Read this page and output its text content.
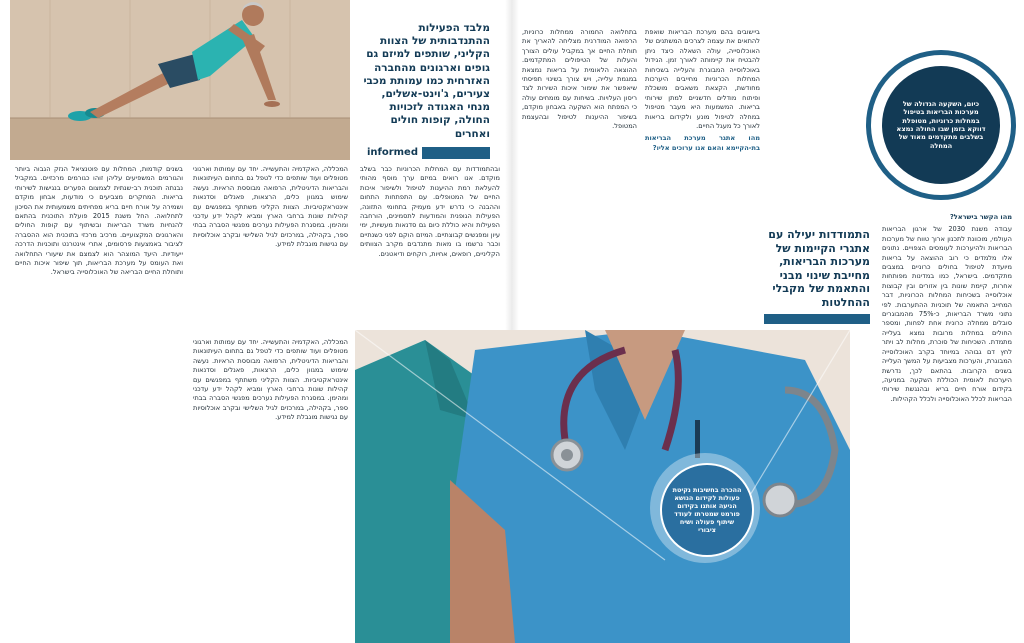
מלבד הפעילות ההתנדבותית של הצוות הקליני, שותפים למיזם גם גופים וארגונים מהחברה האזרחית כמו עמותת מכבי צעירים, ג'וינט-אשלים, מנחי האגודה לזכויות החולה, קופות חולים ואחרים
informed

המכללה, האקדמיה והתעשייה. יחד עם עמותות וארגוני מטופלים ועוד שותפים כדי לטפל גם בתחום העיתונאות והבריאות הדיגיטלית, הרפואה מבוססת הראיות. נעשה שימוש במגוון כלים, הרצאות, פאנלים וסדנאות אינטראקטיביות. הצוות הקליני משתתף במפגשים עם קהילות שונות ברחבי הארץ ומביא לקהל ידע עדכני ומהימן. במסגרת הפעילות נערכים מפגשי הסברה בבתי ספר, בקהילה, במרכזים לגיל השלישי ובקרב אוכלוסיות עם נגישות מוגבלת למידע.

ובהתמודדות עם המחלות הכרוניות כבר בשלב מוקדם. אנו רואים במיזם ערך מוסף מהותי להעלאת רמת ההיענות לטיפול ולשיפור איכות החיים של המטופלים. עם התפתחות התחום וההבנה כי נדרש ידע מעמיק בתחומי התזונה, הפעילות הגופנית והמודעות לתסמינים, הורחבה הפעילות והיא כוללת כיום גם סדנאות מעשיות, ימי עיון ומפגשים קבוצתיים. המיזם הוקם לפני כשנתיים וכבר נרשמו בו מאות מתנדבים מקרב הצוותים הקליניים, רופאים, אחיות, רוקחים ודיאטנים.

בשנים קודמות, המחלות עם פוטנציאל הנזק הגבוה ביותר והגורמים המשפיעים עליהן זוהו כגורמים מרכזיים. במקביל נבנתה תוכנית רב-שנתית לצמצום הפערים בנגישות לשירותי בריאות. המחקרים מצביעים כי מודעות, אבחון מוקדם ושמירה על אורח חיים בריא מפחיתים משמעותית את הסיכון לתחלואה. החל משנת 2015 פועלת התוכנית בהתאם להנחיות משרד הבריאות ובשיתוף עם קופות החולים והארגונים המקצועיים. מרכיב מרכזי בתוכנית הוא ההסברה לציבור באמצעות פרסומים, אתרי אינטרנט ותוכניות הדרכה ייעודיות. היעד המוצהר הוא לצמצם את שיעורי התחלואה ואת העומס על מערכת הבריאות, תוך שיפור איכות החיים ותוחלת החיים הבריאה של האוכלוסייה בישראל.

המכללה, האקדמיה והתעשייה. יחד עם עמותות וארגוני מטופלים ועוד שותפים כדי לטפל גם בתחום העיתונאות והבריאות הדיגיטלית, הרפואה מבוססת הראיות. נעשה שימוש במגוון כלים, הרצאות, פאנלים וסדנאות אינטראקטיביות. הצוות הקליני משתתף במפגשים עם קהילות שונות ברחבי הארץ ומביא לקהל ידע עדכני ומהימן. במסגרת הפעילות נערכים מפגשי הסברה בבתי ספר, בקהילה, במרכזים לגיל השלישי ובקרב אוכלוסיות עם נגישות מוגבלת למידע.

ההכרה בחשיבות נקיטת פעולות לקידום הנושא הניעה אותנו בקידום פורמט שמטרתו לעודד שיתוף פעולה ושיח ציבורי
התמודדות יעילה עם אתגרי הקיימות של מערכות הבריאות, מחייבת שינוי מבני והתאמת של מקבלי ההחלטות

בתחלואה החמורה ממחלות כרוניות, הרפואה המודרנית מצליחה להאריך את תוחלת החיים אך במקביל עולים הצורך והעלות של הטיפולים המתקדמים. ההוצאה הלאומית על בריאות נמצאת במגמת עלייה, ויש צורך בשינוי תפיסתי שיאפשר את שימור איכות השירות לצד ריסון העלויות. בשיחות עם מומחים עולה כי המפתח הוא השקעה באבחון מוקדם, בשיפור ההיענות לטיפול ובהעצמת המטופל.

ביישובים בהם מערכת הבריאות שואפת להתאים את עצמה לצרכים המשתנים של האוכלוסייה, עולה השאלה כיצד ניתן להבטיח את קיימותה לאורך זמן. הגידול באוכלוסייה המבוגרת והעלייה בשכיחות המחלות הכרוניות מחייבים היערכות מחודשת, הקצאת משאבים מושכלת ופיתוח מודלים חדשניים למתן שירותי בריאות. המשמעות היא מעבר מטיפול במחלה לטיפול מונע ולקידום בריאות לאורך כל מעגל החיים.

מהו אתגר מערכת הבריאות בת-הקיימא והאם אנו ערוכים אליו?

מהו הקשר בישראל?

עבודה משנת 2030 של ארגון הבריאות העולמי, מוכוונת לתכנון ארוך טווח של מערכות הבריאות ולהיערכות לעומסים הצפויים. נתונים אלו מלמדים כי רוב ההוצאה על בריאות מיועדת לטיפול בחולים כרוניים במצבים מתקדמים. בישראל, כמו במדינות מפותחות אחרות, קיימת שונות בין אזורים ובין קבוצות אוכלוסייה בשכיחות המחלות הכרוניות, דבר המחייב התאמה של תוכניות ההתערבות. לפי נתוני משרד הבריאות, כ-75% מהמבוגרים סובלים ממחלה כרונית אחת לפחות, ומספר החולים במחלות מרובות נמצא בעלייה מתמדת. השכיחות של סוכרת, מחלות לב ויתר לחץ דם גבוהה במיוחד בקרב האוכלוסייה המבוגרת, והערכות מצביעות על המשך העלייה בשנים הקרובות. בהתאם לכך, נדרשת היערכות לאומית הכוללת השקעה במניעה, בקידום אורח חיים בריא ובהנגשת שירותי הבריאות לכלל האוכלוסייה ולכלל הקהילות.

כיום, השקעה הגדולה של מערכות הבריאות בטיפול במחלות כרוניות, מטופלת דווקא בזמן שבו החולה נמצא בשלבים מתקדמים מאוד של המחלה
